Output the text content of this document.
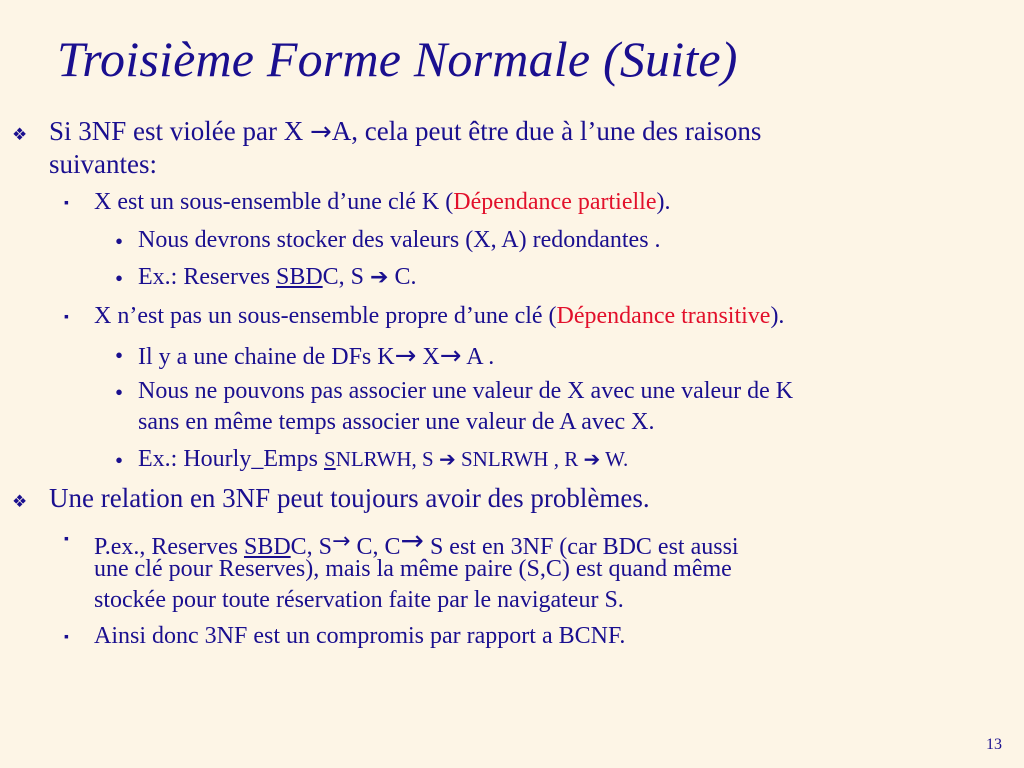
Troisième Forme Normale (Suite)
❖ Si 3NF est violée par X →A, cela peut être due à l’une des raisons
suivantes:
▪ X est un sous-ensemble d’une clé K (Dépendance partielle).
• Nous devrons stocker des valeurs (X, A) redondantes .
• Ex.: Reserves SBDC, S ➔ C.
▪ X n’est pas un sous-ensemble propre d’une clé (Dépendance transitive).
• Il y a une chaine de DFs K→ X→ A .
• Nous ne pouvons pas associer une valeur de X avec une valeur de K
sans en même temps associer une valeur de A avec X.
• Ex.: Hourly_Emps SNLRWH, S ➔ SNLRWH , R ➔ W.
❖ Une relation en 3NF peut toujours avoir des problèmes.
▪ P.ex., Reserves SBDC, S→ C, C→ S est en 3NF (car BDC est aussi
une clé pour Reserves), mais la même paire (S,C) est quand même
stockée pour toute réservation faite par le navigateur S.
▪ Ainsi donc 3NF est un compromis par rapport a BCNF.
13
